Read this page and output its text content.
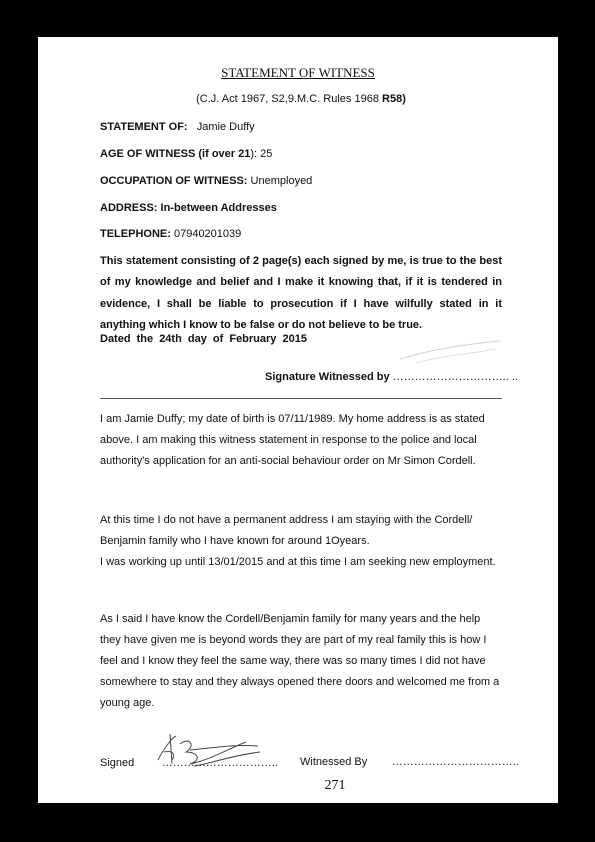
STATEMENT OF WITNESS
(C.J. Act 1967, S2,9.M.C. Rules 1968 R58)
STATEMENT OF: Jamie Duffy
AGE OF WITNESS (if over 21): 25
OCCUPATION OF WITNESS: Unemployed
ADDRESS: In-between Addresses
TELEPHONE: 07940201039
This statement consisting of 2 page(s) each signed by me, is true to the best of my knowledge and belief and I make it knowing that, if it is tendered in evidence, I shall be liable to prosecution if I have wilfully stated in it anything which I know to be false or do not believe to be true.
Dated the 24th day of February 2015
Signature Witnessed by ………………………….. ..

I am Jamie Duffy; my date of birth is 07/11/1989. My home address is as stated above. I am making this witness statement in response to the police and local authority's application for an anti-social behaviour order on Mr Simon Cordell.

At this time I do not have a permanent address I am staying with the Cordell/ Benjamin family who I have known for around 1Oyears.

I was working up until 13/01/2015 and at this time I am seeking new employment.

As I said I have know the Cordell/Benjamin family for many years and the help they have given me is beyond words they are part of my real family this is how I feel and I know they feel the same way, there was so many times I did not have somewhere to stay and they always opened there doors and welcomed me from a young age.

Signed	………………………….. Witnessed By ……………………………..
271
